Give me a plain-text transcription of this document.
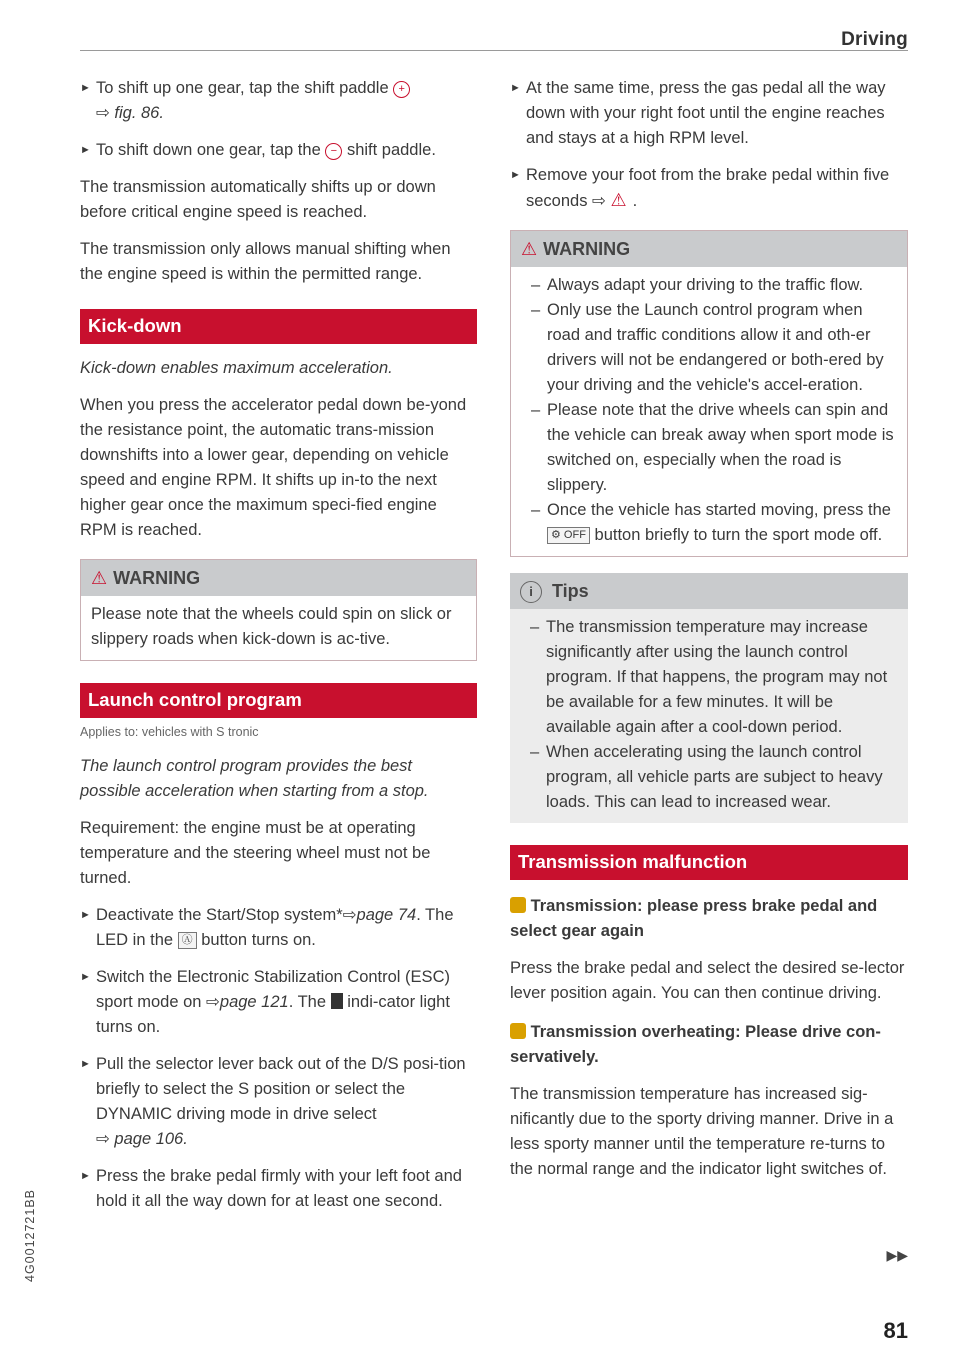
Driving

► To shift up one gear, tap the shift paddle +
⇨ fig. 86.

► To shift down one gear, tap the − shift paddle.

The transmission automatically shifts up or down before critical engine speed is reached.

The transmission only allows manual shifting when the engine speed is within the permitted range.

Kick-down

Kick-down enables maximum acceleration.

When you press the accelerator pedal down be-yond the resistance point, the automatic trans-mission downshifts into a lower gear, depending on vehicle speed and engine RPM. It shifts up in-to the next higher gear once the maximum speci-fied engine RPM is reached.

⚠ WARNING
Please note that the wheels could spin on slick or slippery roads when kick-down is ac-tive.
Launch control program
Applies to: vehicles with S tronic

The launch control program provides the best possible acceleration when starting from a stop.

Requirement: the engine must be at operating temperature and the steering wheel must not be turned.

► Deactivate the Start/Stop system*⇨page 74. The LED in the Ⓐ button turns on.

► Switch the Electronic Stabilization Control (ESC) sport mode on ⇨page 121. The indi-cator light turns on.

► Pull the selector lever back out of the D/S posi-tion briefly to select the S position or select the DYNAMIC driving mode in drive select
⇨ page 106.

► Press the brake pedal firmly with your left foot and hold it all the way down for at least one second.

► At the same time, press the gas pedal all the way down with your right foot until the engine reaches and stays at a high RPM level.

► Remove your foot from the brake pedal within five seconds ⇨ ⚠ .

⚠ WARNING

– Always adapt your driving to the traffic flow.

– Only use the Launch control program when road and traffic conditions allow it and oth-er drivers will not be endangered or both-ered by your driving and the vehicle's accel-eration.

– Please note that the drive wheels can spin and the vehicle can break away when sport mode is switched on, especially when the road is slippery.

– Once the vehicle has started moving, press the ⚙ OFF button briefly to turn the sport mode off.

i Tips

– The transmission temperature may increase significantly after using the launch control program. If that happens, the program may not be available for a few minutes. It will be available again after a cool-down period.

– When accelerating using the launch control program, all vehicle parts are subject to heavy loads. This can lead to increased wear.

Transmission malfunction

Transmission: please press brake pedal and select gear again

Press the brake pedal and select the desired se-lector lever position again. You can then continue driving.

Transmission overheating: Please drive con-servatively.

The transmission temperature has increased sig-nificantly due to the sporty driving manner. Drive in a less sporty manner until the temperature re-turns to the normal range and the indicator light switches of.

▶▶
81
4G0012721BB
